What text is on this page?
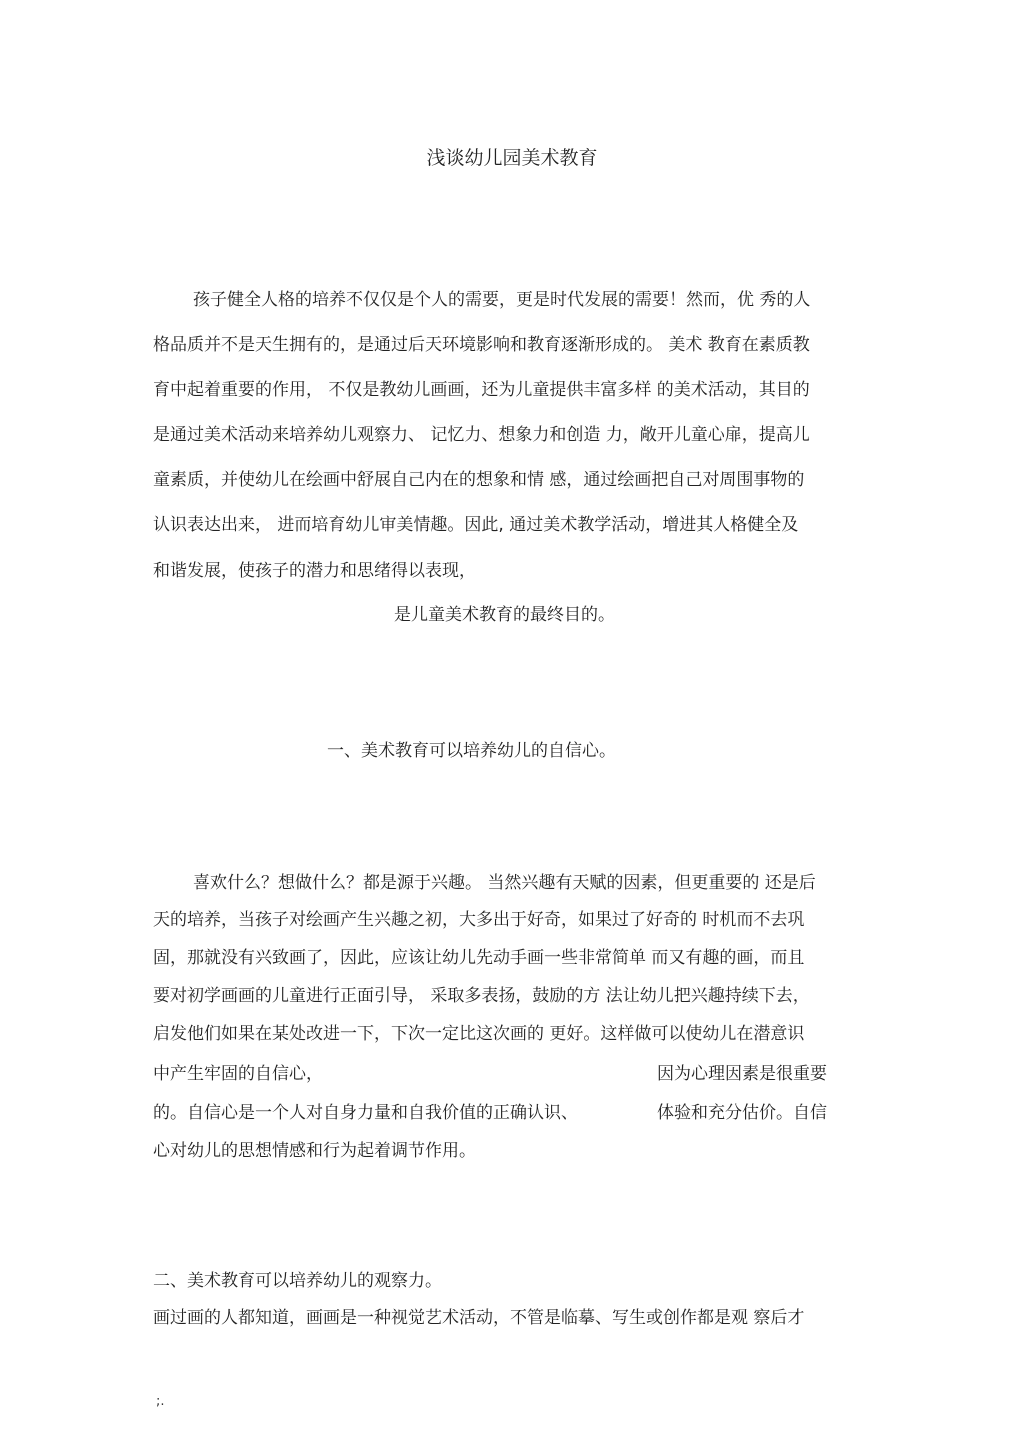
浅谈幼儿园美术教育
孩子健全人格的培养不仅仅是个人的需要，更是时代发展的需要！然而，优 秀的人
格品质并不是天生拥有的，是通过后天环境影响和教育逐渐形成的。 美术 教育在素质教
育中起着重要的作用， 不仅是教幼儿画画，还为儿童提供丰富多样 的美术活动，其目的
是通过美术活动来培养幼儿观察力、 记忆力、想象力和创造 力，敞开儿童心扉，提高儿
童素质，并使幼儿在绘画中舒展自己内在的想象和情 感，通过绘画把自己对周围事物的
认识表达出来， 进而培育幼儿审美情趣。因此, 通过美术教学活动，增进其人格健全及
和谐发展，使孩子的潜力和思绪得以表现，
是儿童美术教育的最终目的。
一、美术教育可以培养幼儿的自信心。
喜欢什么？想做什么？都是源于兴趣。 当然兴趣有天赋的因素，但更重要的 还是后
天的培养，当孩子对绘画产生兴趣之初，大多出于好奇，如果过了好奇的 时机而不去巩
固，那就没有兴致画了，因此，应该让幼儿先动手画一些非常简单 而又有趣的画，而且
要对初学画画的儿童进行正面引导， 采取多表扬，鼓励的方 法让幼儿把兴趣持续下去，
启发他们如果在某处改进一下，下次一定比这次画的 更好。这样做可以使幼儿在潜意识
中产生牢固的自信心，	因为心理因素是很重要
的。自信心是一个人对自身力量和自我价值的正确认识、	体验和充分估价。自信
心对幼儿的思想情感和行为起着调节作用。
二、美术教育可以培养幼儿的观察力。
画过画的人都知道，画画是一种视觉艺术活动，不管是临摹、写生或创作都是观 察后才
;.
